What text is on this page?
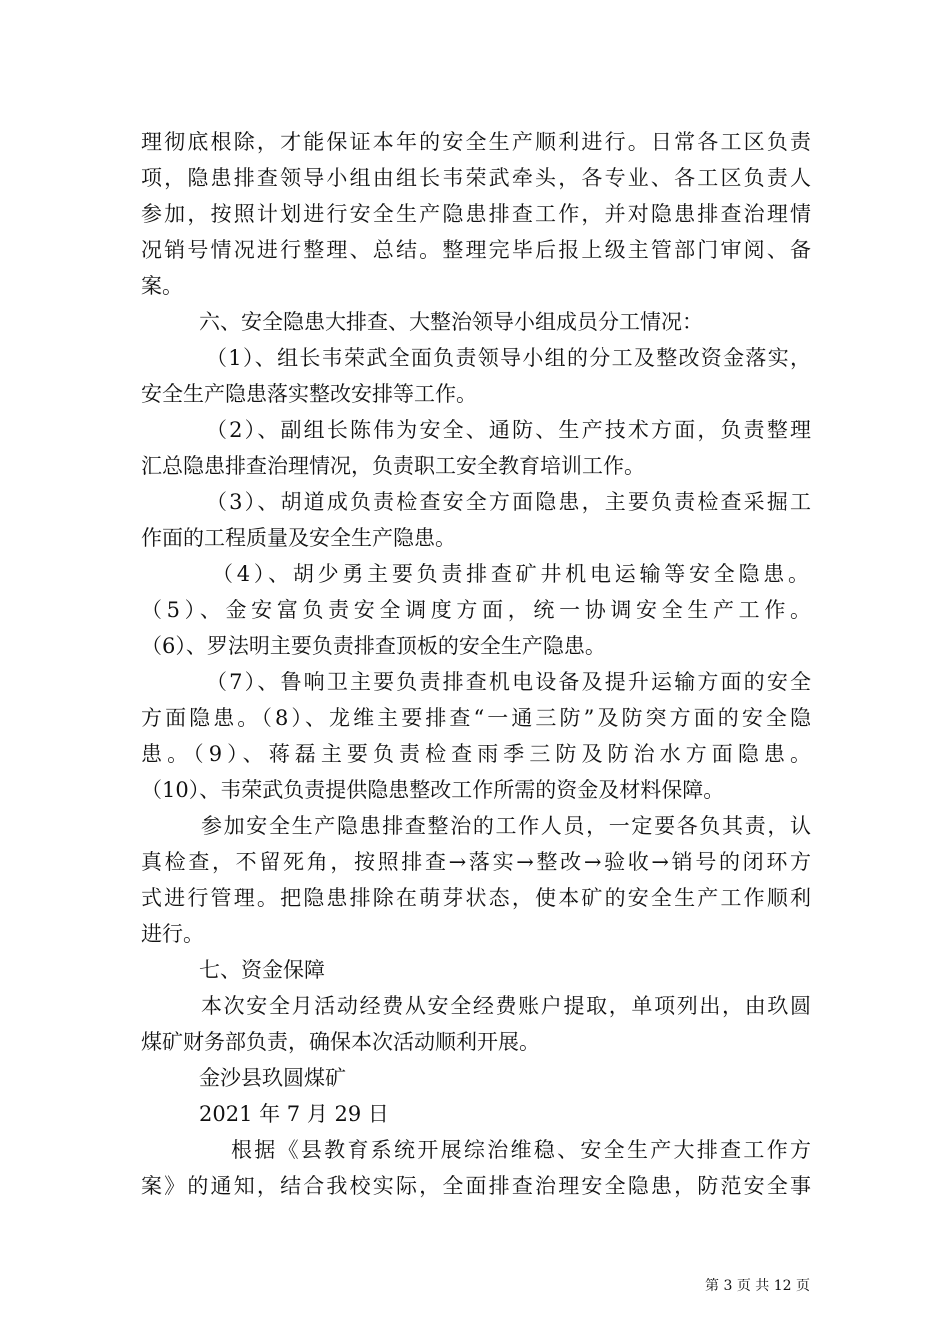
理彻底根除，才能保证本年的安全生产顺利进行。日常各工区负责
项，隐患排查领导小组由组长韦荣武牵头，各专业、各工区负责人
参加，按照计划进行安全生产隐患排查工作，并对隐患排查治理情
况销号情况进行整理、总结。整理完毕后报上级主管部门审阅、备
案。
六、安全隐患大排查、大整治领导小组成员分工情况：
（1）、组长韦荣武全面负责领导小组的分工及整改资金落实，
安全生产隐患落实整改安排等工作。
（2）、副组长陈伟为安全、通防、生产技术方面，负责整理
汇总隐患排查治理情况，负责职工安全教育培训工作。
（3）、胡道成负责检查安全方面隐患，主要负责检查采掘工
作面的工程质量及安全生产隐患。
（4）、胡少勇主要负责排查矿井机电运输等安全隐患。
（5）、金安富负责安全调度方面，统一协调安全生产工作。
（6）、罗法明主要负责排查顶板的安全生产隐患。
（7）、鲁响卫主要负责排查机电设备及提升运输方面的安全
方面隐患。（8）、龙维主要排查“一通三防”及防突方面的安全隐
患。（9）、蒋磊主要负责检查雨季三防及防治水方面隐患。
（10）、韦荣武负责提供隐患整改工作所需的资金及材料保障。
参加安全生产隐患排查整治的工作人员，一定要各负其责，认
真检查，不留死角，按照排查→落实→整改→验收→销号的闭环方
式进行管理。把隐患排除在萌芽状态，使本矿的安全生产工作顺利
进行。
七、资金保障
本次安全月活动经费从安全经费账户提取，单项列出，由玖圆
煤矿财务部负责，确保本次活动顺利开展。
金沙县玖圆煤矿
2021 年 7 月 29 日
根据《县教育系统开展综治维稳、安全生产大排查工作方
案》的通知，结合我校实际，全面排查治理安全隐患，防范安全事
第 3 页 共 12 页
